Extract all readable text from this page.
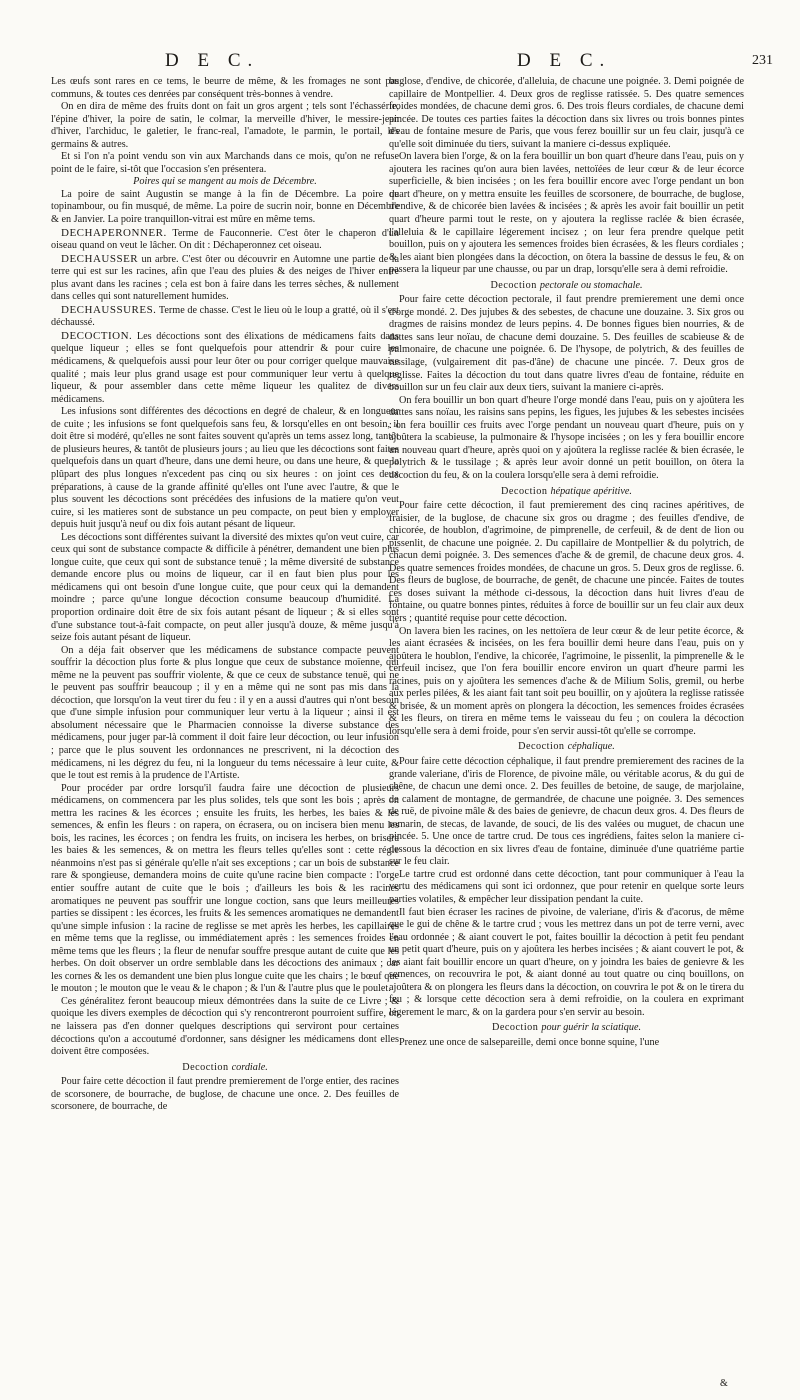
D E C.	D E C.	231

Les œufs sont rares en ce tems, le beurre de même, & les fromages ne sont pas communs, & toutes ces denrées par conséquent très-bonnes à vendre.

On en dira de même des fruits dont on fait un gros argent ; tels sont l'échassérie, l'épine d'hiver, la poire de satin, le colmar, la merveille d'hiver, le messire-jean d'hiver, l'archiduc, le galetier, le franc-real, l'amadote, le parmin, le portail, les germains & autres.

Et si l'on n'a point vendu son vin aux Marchands dans ce mois, qu'on ne refuse point de le faire, si-tôt que l'occasion s'en présentera.

Poires qui se mangent au mois de Décembre.

La poire de saint Augustin se mange à la fin de Décembre. La poire de topinambour, ou fin musqué, de même. La poire de sucrin noir, bonne en Décembre & en Janvier. La poire tranquillon-vitrai est mûre en même tems.

DECHAPERONNER. Terme de Fauconnerie. C'est ôter le chaperon d'un oiseau quand on veut le lâcher. On dit : Déchaperonnez cet oiseau.

DECHAUSSER un arbre. C'est ôter ou découvrir en Automne une partie de la terre qui est sur les racines, afin que l'eau des pluies & des neiges de l'hiver entre plus avant dans les racines ; cela est bon à faire dans les terres sèches, & nullement dans celles qui sont naturellement humides.

DECHAUSSURES. Terme de chasse. C'est le lieu où le loup a gratté, où il s'est déchaussé.

DECOCTION. Les décoctions sont des élixations de médicamens faits dans quelque liqueur ; elles se font quelquefois pour attendrir & pour cuire les médicamens, & quelquefois aussi pour leur ôter ou pour corriger quelque mauvaise qualité ; mais leur plus grand usage est pour communiquer leur vertu à quelque liqueur, & pour assembler dans cette même liqueur les qualitez de divers médicamens.

Les infusions sont différentes des décoctions en degré de chaleur, & en longueur de cuite ; les infusions se font quelquefois sans feu, & lorsqu'elles en ont besoin, il doit être si modéré, qu'elles ne sont faites souvent qu'après un tems assez long, tantôt de plusieurs heures, & tantôt de plusieurs jours ; au lieu que les décoctions sont faites quelquefois dans un quart d'heure, dans une demi heure, ou dans une heure, & que la plûpart des plus longues n'excedent pas cinq ou six heures : on joint ces deux préparations, à cause de la grande affinité qu'elles ont l'une avec l'autre, & que le plus souvent les décoctions sont précédées des infusions de la matiere qu'on veut cuire, si les matieres sont de substance un peu compacte, on peut bien y employer depuis huit jusqu'à neuf ou dix fois autant pésant de liqueur.

Les décoctions sont différentes suivant la diversité des mixtes qu'on veut cuire, car ceux qui sont de substance compacte & difficile à pénétrer, demandent une bien plus longue cuite, que ceux qui sont de substance tenuë ; la même diversité de substance demande encore plus ou moins de liqueur, car il en faut bien plus pour les médicamens qui ont besoin d'une longue cuite, que pour ceux qui la demandent moindre ; parce qu'une longue décoction consume beaucoup d'humidité. La proportion ordinaire doit être de six fois autant pésant de liqueur ; & si elles sont d'une substance tout-à-fait compacte, on peut aller jusqu'à douze, & même jusqu'à seize fois autant pésant de liqueur.

On a déja fait observer que les médicamens de substance compacte peuvent souffrir la décoction plus forte & plus longue que ceux de substance moïenne, qui même ne la peuvent pas souffrir violente, & que ce ceux de substance tenuë, qui ne le peuvent pas souffrir beaucoup ; il y en a même qui ne sont pas mis dans la décoction, que lorsqu'on la veut tirer du feu : il y en a aussi d'autres qui n'ont besoin que d'une simple infusion pour communiquer leur vertu à la liqueur ; ainsi il est absolument nécessaire que le Pharmacien connoisse la diverse substance des médicamens, pour juger par-là comment il doit faire leur décoction, ou leur infusion ; parce que le plus souvent les ordonnances ne prescrivent, ni la décoction des médicamens, ni les dégrez du feu, ni la longueur du tems nécessaire à leur cuite, & que le tout est remis à la prudence de l'Artiste.

Pour procéder par ordre lorsqu'il faudra faire une décoction de plusieurs médicamens, on commencera par les plus solides, tels que sont les bois ; après on mettra les racines & les écorces ; ensuite les fruits, les herbes, les baies & les semences, & enfin les fleurs : on rapera, on écrasera, ou on incisera bien menu les bois, les racines, les écorces ; on fendra les fruits, on incisera les herbes, on brisera les baies & les semences, & on mettra les fleurs telles qu'elles sont : cette régle néanmoins n'est pas si générale qu'elle n'ait ses exceptions ; car un bois de substance rare & spongieuse, demandera moins de cuite qu'une racine bien compacte : l'orge entier souffre autant de cuite que le bois ; d'ailleurs les bois & les racines aromatiques ne peuvent pas souffrir une longue coction, sans que leurs meilleures parties se dissipent : les écorces, les fruits & les semences aromatiques ne demandent qu'une simple infusion : la racine de reglisse se met après les herbes, les capillaires en même tems que la reglisse, ou immédiatement après : les semences froides en même tems que les fleurs ; la fleur de nenufar souffre presque autant de cuite que les herbes. On doit observer un ordre semblable dans les décoctions des animaux ; car les cornes & les os demandent une bien plus longue cuite que les chairs ; le bœuf que le mouton ; le mouton que le veau & le chapon ; & l'un & l'autre plus que le poulet.

Ces généralitez feront beaucoup mieux démontrées dans la suite de ce Livre ; & quoique les divers exemples de décoction qui s'y rencontreront pourroient suffire, on ne laissera pas d'en donner quelques descriptions qui serviront pour certaines décoctions qu'on a accoutumé d'ordonner, sans désigner les médicamens dont elles doivent être composées.

Decoction cordiale.

Pour faire cette décoction il faut prendre premierement de l'orge entier, des racines de scorsonere, de bourrache, de buglose, de chacune une once. 2. Des feuilles de scorsonere, de bourrache, de

buglose, d'endive, de chicorée, d'alleluia, de chacune une poignée. 3. Demi poignée de capillaire de Montpellier. 4. Deux gros de reglisse ratissée. 5. Des quatre semences froides mondées, de chacune demi gros. 6. Des trois fleurs cordiales, de chacune demi pincée. De toutes ces parties faites la décoction dans six livres ou trois bonnes pintes d'eau de fontaine mesure de Paris, que vous ferez bouillir sur un feu clair, jusqu'à ce qu'elle soit diminuée du tiers, suivant la maniere ci-dessus expliquée.

On lavera bien l'orge, & on la fera bouillir un bon quart d'heure dans l'eau, puis on y ajoutera les racines qu'on aura bien lavées, nettoïées de leur cœur & de leur écorce superficielle, & bien incisées ; on les fera bouillir encore avec l'orge pendant un bon quart d'heure, on y mettra ensuite les feuilles de scorsonere, de bourrache, de buglose, d'endive, & de chicorée bien lavées & incisées ; & après les avoir fait bouillir un petit quart d'heure parmi tout le reste, on y ajoutera la reglisse raclée & bien écrasée, l'alleluia & le capillaire légerement incisez ; on leur fera prendre quelque petit bouillon, puis on y ajoutera les semences froides bien écrasées, & les fleurs cordiales ; & les aiant bien plongées dans la décoction, on ôtera la bassine de dessus le feu, & on passera la liqueur par une chausse, ou par un drap, lorsqu'elle sera à demi refroidie.

Decoction pectorale ou stomachale.

Pour faire cette décoction pectorale, il faut prendre premierement une demi once d'orge mondé. 2. Des jujubes & des sebestes, de chacune une douzaine. 3. Six gros ou dragmes de raisins mondez de leurs pepins. 4. De bonnes figues bien nourries, & de dattes sans leur noïau, de chacune demi douzaine. 5. Des feuilles de scabieuse & de pulmonaire, de chacune une poignée. 6. De l'hysope, de polytrich, & des feuilles de tussilage, (vulgairement dit pas-d'âne) de chacune une pincée. 7. Deux gros de reglisse. Faites la décoction du tout dans quatre livres d'eau de fontaine, réduite en bouillon sur un feu clair aux deux tiers, suivant la maniere ci-après.

On fera bouillir un bon quart d'heure l'orge mondé dans l'eau, puis on y ajoûtera les dattes sans noïau, les raisins sans pepins, les figues, les jujubes & les sebestes incisées : on fera bouillir ces fruits avec l'orge pendant un nouveau quart d'heure, puis on y ajoûtera la scabieuse, la pulmonaire & l'hysope incisées ; on les y fera bouillir encore un nouveau quart d'heure, après quoi on y ajoûtera la reglisse raclée & bien écrasée, le polytrich & le tussilage ; & après leur avoir donné un petit bouillon, on ôtera la décoction du feu, & on la coulera lorsqu'elle sera à demi refroidie.

Decoction hépatique apéritive.

Pour faire cette décoction, il faut premierement des cinq racines apéritives, de fraisier, de la buglose, de chacune six gros ou dragme ; des feuilles d'endive, de chicorée, de houblon, d'agrimoine, de pimprenelle, de cerfeuil, & de dent de lion ou pissenlit, de chacune une poignée. 2. Du capillaire de Montpellier & du polytrich, de chacun demi poignée. 3. Des semences d'ache & de gremil, de chacune deux gros. 4. Des quatre semences froides mondées, de chacune un gros. 5. Deux gros de reglisse. 6. Des fleurs de buglose, de bourrache, de genêt, de chacune une pincée. Faites de toutes ces doses suivant la méthode ci-dessous, la décoction dans huit livres d'eau de fontaine, ou quatre bonnes pintes, réduites à force de bouillir sur un feu clair aux deux tiers ; quantité requise pour cette décoction.

On lavera bien les racines, on les nettoïera de leur cœur & de leur petite écorce, & les aiant écrasées & incisées, on les fera bouillir demi heure dans l'eau, puis on y ajoûtera le houblon, l'endive, la chicorée, l'agrimoine, le pissenlit, la pimprenelle & le cerfeuil incisez, que l'on fera bouillir encore environ un quart d'heure parmi les racines, puis on y ajoûtera les semences d'ache & de Milium Solis, gremil, ou herbe aux perles pilées, & les aiant fait tant soit peu bouillir, on y ajoûtera la reglisse ratissée & brisée, & un moment après on plongera la décoction, les semences froides écrasées & les fleurs, on tirera en même tems le vaisseau du feu ; on coulera la décoction lorsqu'elle sera à demi froide, pour s'en servir aussi-tôt qu'elle se corrompe.

Decoction céphalique.

Pour faire cette décoction céphalique, il faut prendre premierement des racines de la grande valeriane, d'iris de Florence, de pivoine mâle, ou véritable acorus, & du gui de chêne, de chacun une demi once. 2. Des feuilles de betoine, de sauge, de marjolaine, de calament de montagne, de germandrée, de chacune une poignée. 3. Des semences de ruë, de pivoine mâle & des baies de genievre, de chacun deux gros. 4. Des fleurs de romarin, de stecas, de lavande, de souci, de lis des valées ou muguet, de chacun une pincée. 5. Une once de tartre crud. De tous ces ingrédiens, faites selon la maniere ci-dessous la décoction en six livres d'eau de fontaine, diminuée d'une quatriéme partie sur le feu clair.

Le tartre crud est ordonné dans cette décoction, tant pour communiquer à l'eau la vertu des médicamens qui sont ici ordonnez, que pour retenir en quelque sorte leurs parties volatiles, & empêcher leur dissipation pendant la cuite.

Il faut bien écraser les racines de pivoine, de valeriane, d'iris & d'acorus, de même que le gui de chêne & le tartre crud ; vous les mettrez dans un pot de terre verni, avec l'eau ordonnée ; & aiant couvert le pot, faites bouillir la décoction à petit feu pendant un petit quart d'heure, puis on y ajoûtera les herbes incisées ; & aiant couvert le pot, & les aiant fait bouillir encore un quart d'heure, on y joindra les baies de genievre & les semences, on recouvrira le pot, & aiant donné au tout quatre ou cinq bouillons, on ajoûtera & on plongera les fleurs dans la décoction, on couvrira le pot & on le tirera du feu ; & lorsque cette décoction sera à demi refroidie, on la coulera en exprimant légerement le marc, & on la gardera pour s'en servir au besoin.

Decoction pour guérir la sciatique.

Prenez une once de salsepareille, demi once bonne squine, l'une

&
